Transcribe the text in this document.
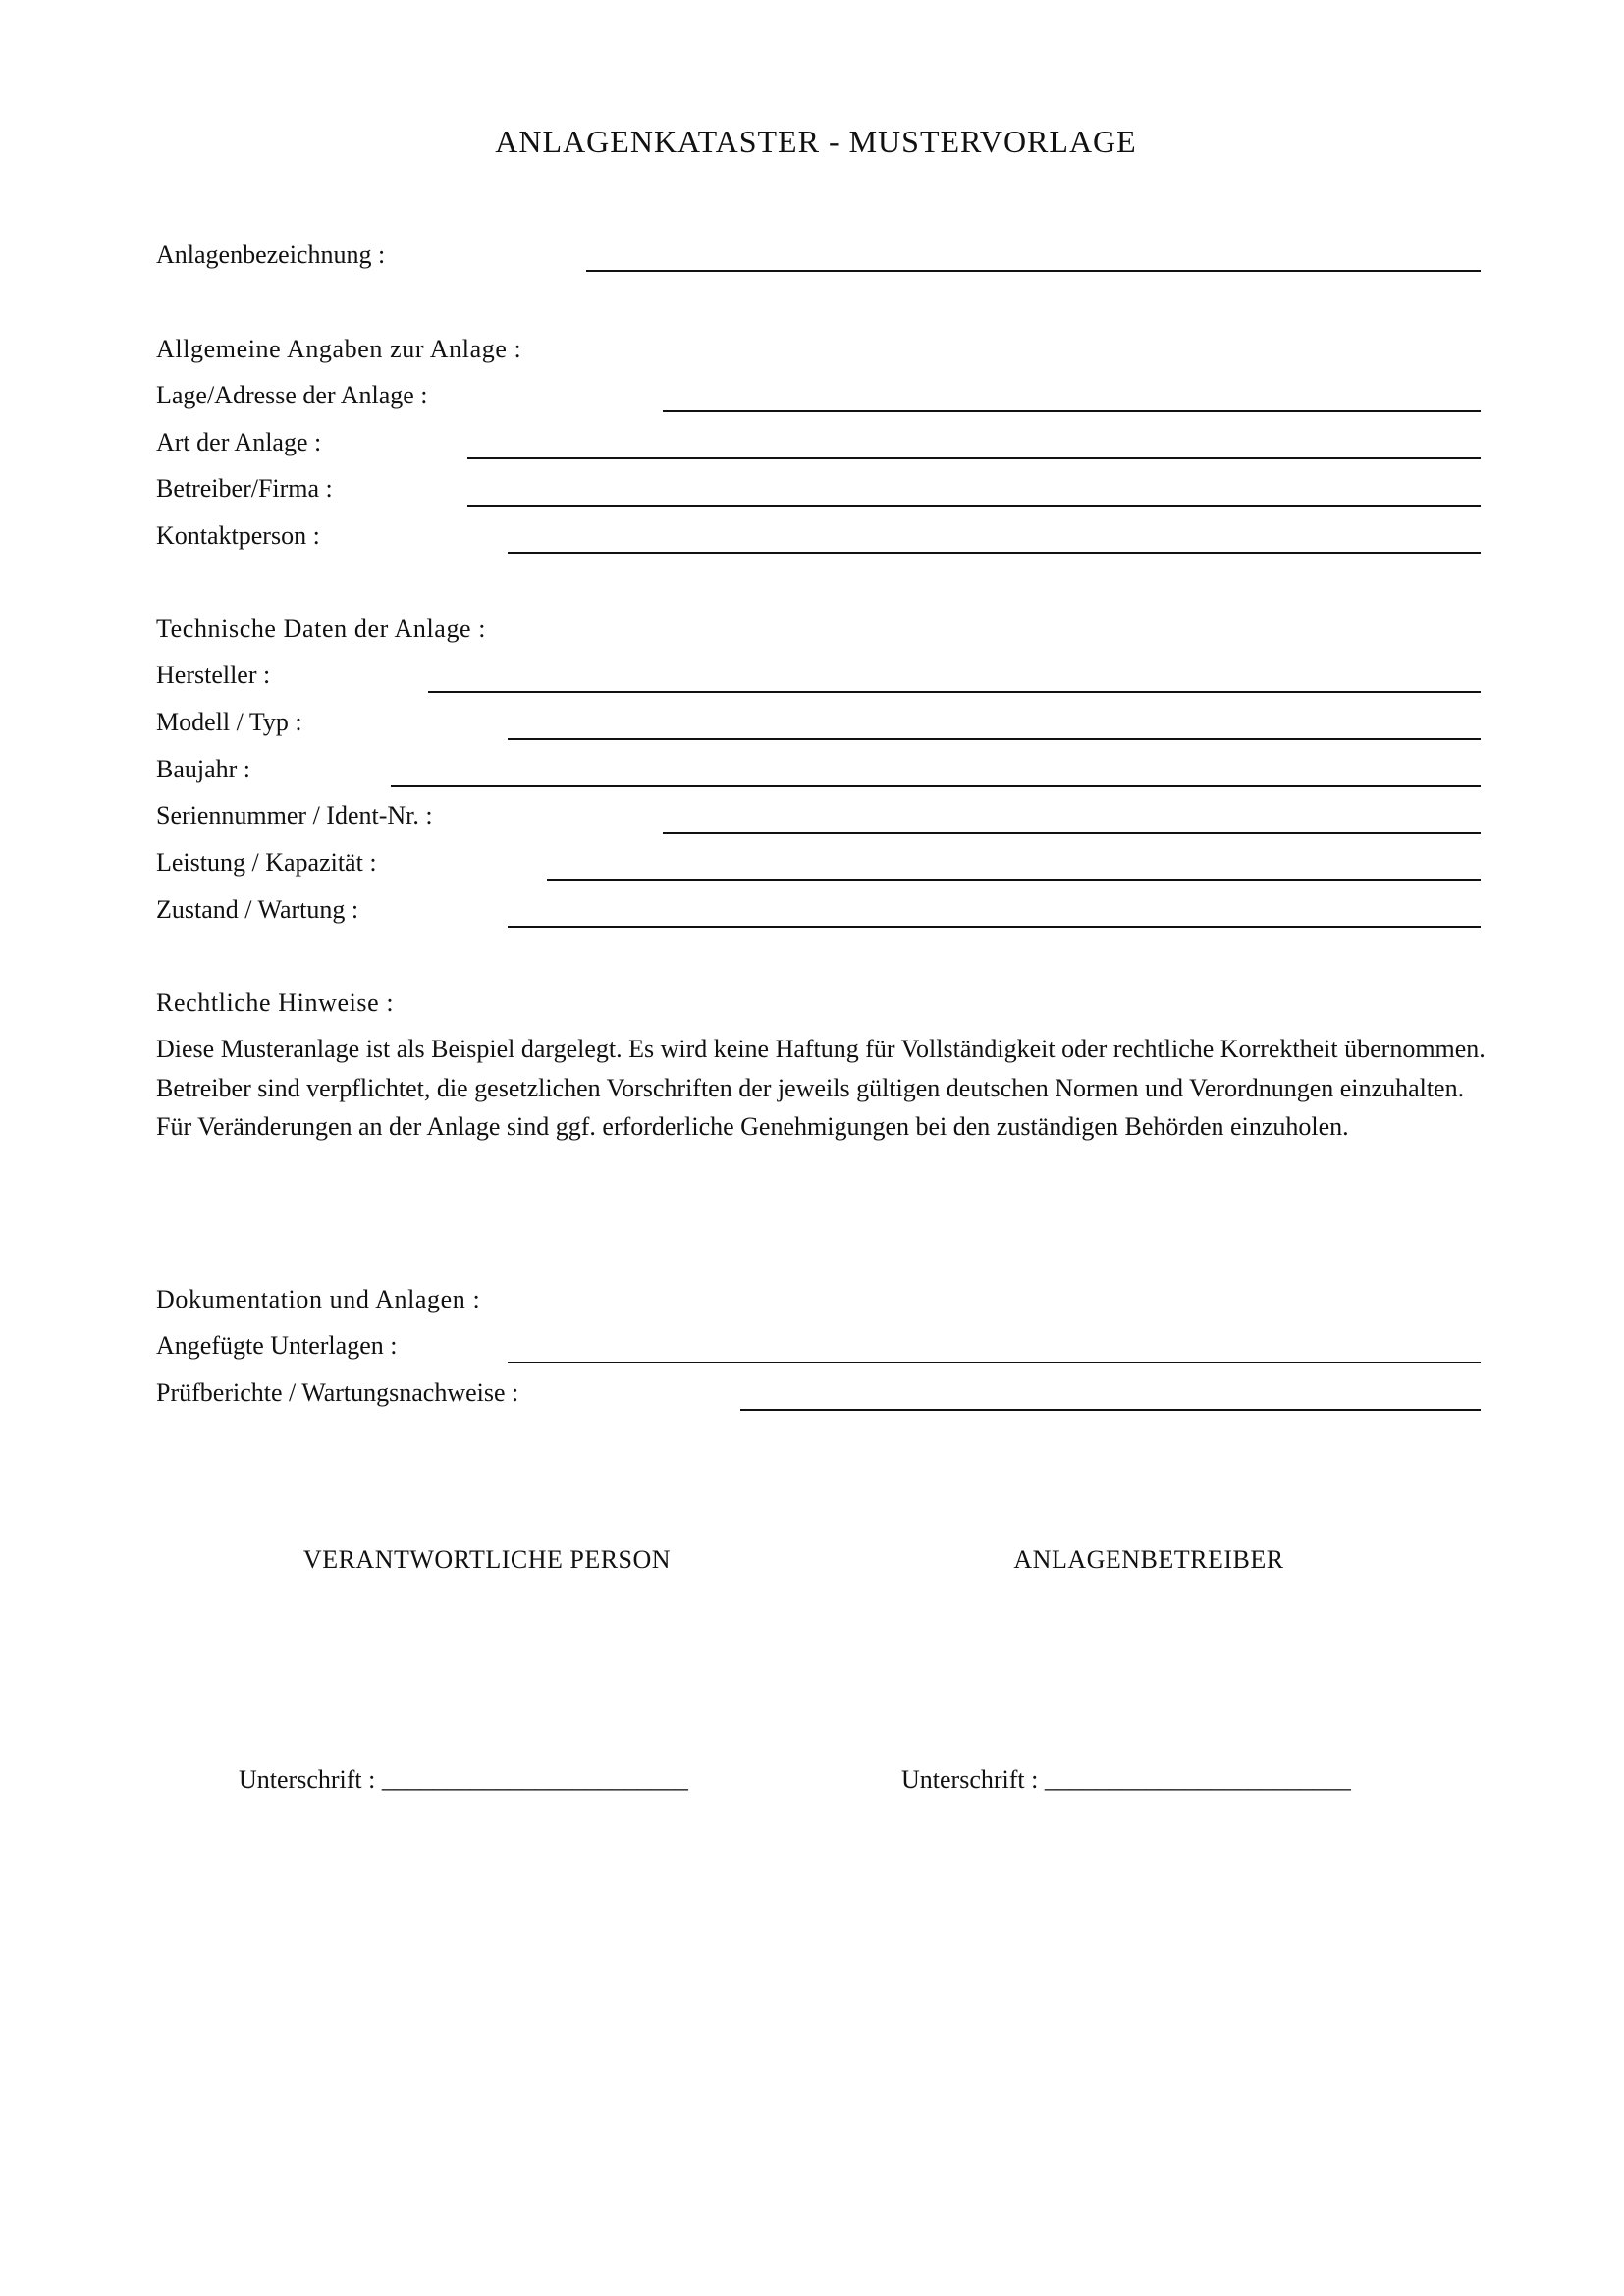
ANLAGENKATASTER - MUSTERVORLAGE
Anlagenbezeichnung :
Allgemeine Angaben zur Anlage :
Lage/Adresse der Anlage :
Art der Anlage :
Betreiber/Firma :
Kontaktperson :
Technische Daten der Anlage :
Hersteller :
Modell / Typ :
Baujahr :
Seriennummer / Ident-Nr. :
Leistung / Kapazität :
Zustand / Wartung :
Rechtliche Hinweise :
Diese Musteranlage ist als Beispiel dargelegt. Es wird keine Haftung für Vollständigkeit oder rechtliche Korrektheit übernommen. Betreiber sind verpflichtet, die gesetzlichen Vorschriften der jeweils gültigen deutschen Normen und Verordnungen einzuhalten. Für Veränderungen an der Anlage sind ggf. erforderliche Genehmigungen bei den zuständigen Behörden einzuholen.
Dokumentation und Anlagen :
Angefügte Unterlagen :
Prüfberichte / Wartungsnachweise :
VERANTWORTLICHE PERSON	ANLAGENBETREIBER
Unterschrift : ________________________	Unterschrift : ________________________
